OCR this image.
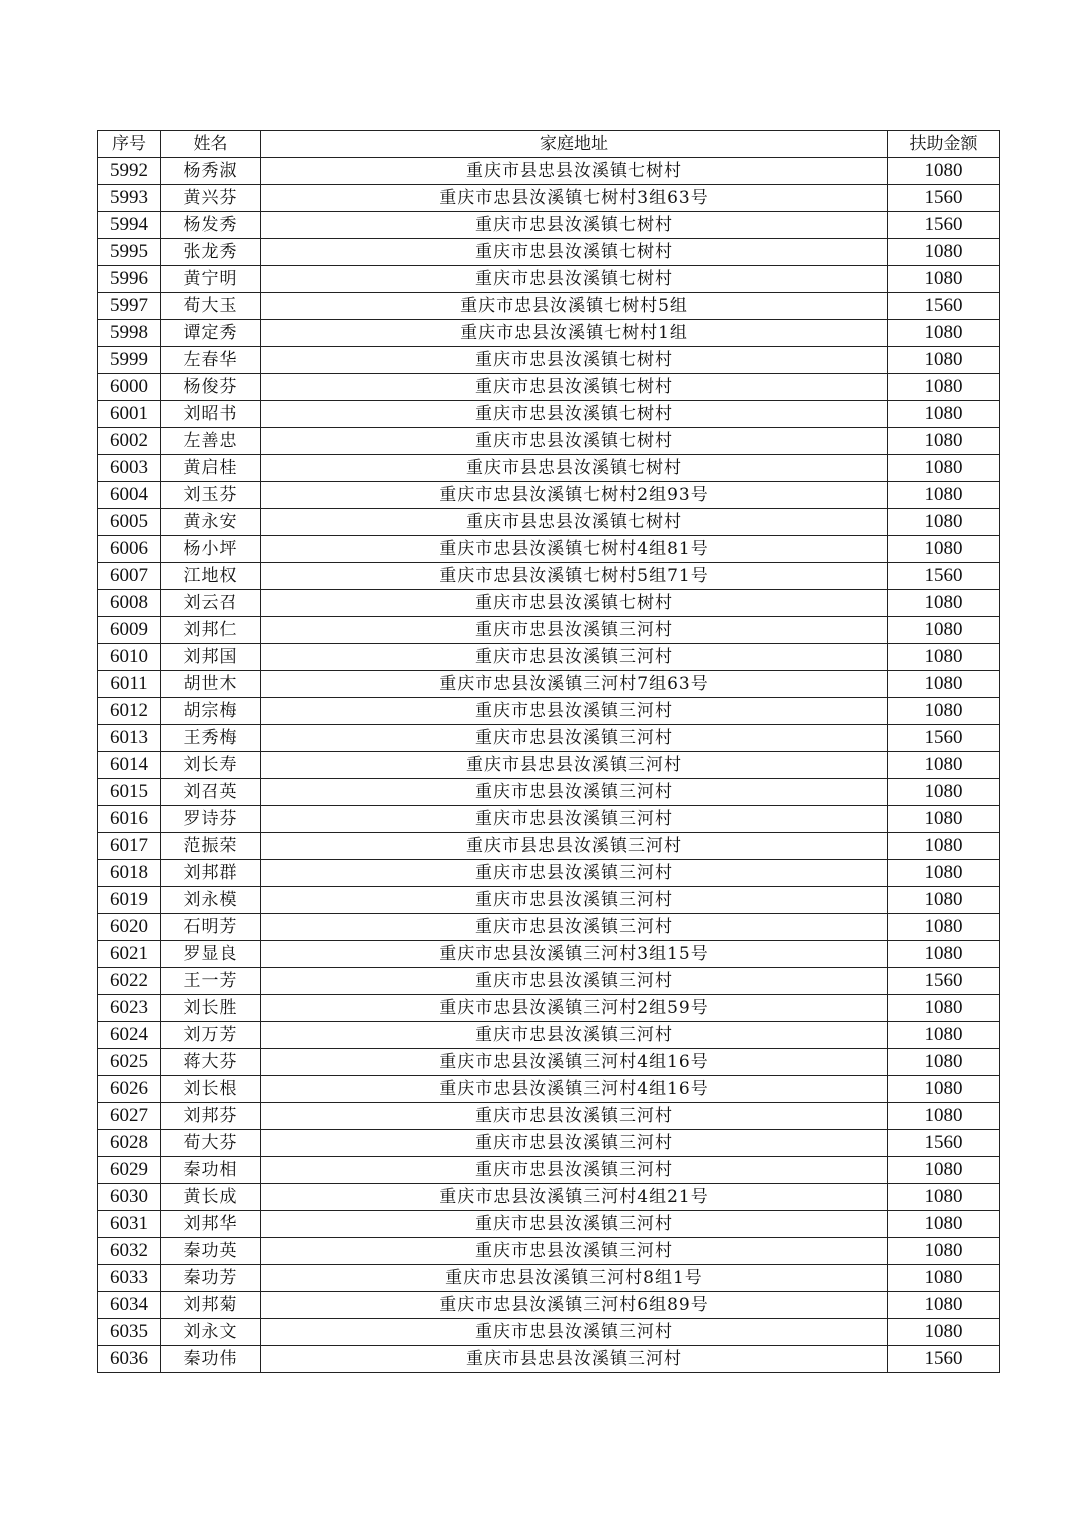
序号	姓名	家庭地址	扶助金额
5992	杨秀淑	重庆市县忠县汝溪镇七树村	1080
5993	黄兴芬	重庆市忠县汝溪镇七树村3组63号	1560
5994	杨发秀	重庆市忠县汝溪镇七树村	1560
5995	张龙秀	重庆市忠县汝溪镇七树村	1080
5996	黄宁明	重庆市忠县汝溪镇七树村	1080
5997	荀大玉	重庆市忠县汝溪镇七树村5组	1560
5998	谭定秀	重庆市忠县汝溪镇七树村1组	1080
5999	左春华	重庆市忠县汝溪镇七树村	1080
6000	杨俊芬	重庆市忠县汝溪镇七树村	1080
6001	刘昭书	重庆市忠县汝溪镇七树村	1080
6002	左善忠	重庆市忠县汝溪镇七树村	1080
6003	黄启桂	重庆市县忠县汝溪镇七树村	1080
6004	刘玉芬	重庆市忠县汝溪镇七树村2组93号	1080
6005	黄永安	重庆市县忠县汝溪镇七树村	1080
6006	杨小坪	重庆市忠县汝溪镇七树村4组81号	1080
6007	江地权	重庆市忠县汝溪镇七树村5组71号	1560
6008	刘云召	重庆市忠县汝溪镇七树村	1080
6009	刘邦仁	重庆市忠县汝溪镇三河村	1080
6010	刘邦国	重庆市忠县汝溪镇三河村	1080
6011	胡世木	重庆市忠县汝溪镇三河村7组63号	1080
6012	胡宗梅	重庆市忠县汝溪镇三河村	1080
6013	王秀梅	重庆市忠县汝溪镇三河村	1560
6014	刘长寿	重庆市县忠县汝溪镇三河村	1080
6015	刘召英	重庆市忠县汝溪镇三河村	1080
6016	罗诗芬	重庆市忠县汝溪镇三河村	1080
6017	范振荣	重庆市县忠县汝溪镇三河村	1080
6018	刘邦群	重庆市忠县汝溪镇三河村	1080
6019	刘永模	重庆市忠县汝溪镇三河村	1080
6020	石明芳	重庆市忠县汝溪镇三河村	1080
6021	罗显良	重庆市忠县汝溪镇三河村3组15号	1080
6022	王一芳	重庆市忠县汝溪镇三河村	1560
6023	刘长胜	重庆市忠县汝溪镇三河村2组59号	1080
6024	刘万芳	重庆市忠县汝溪镇三河村	1080
6025	蒋大芬	重庆市忠县汝溪镇三河村4组16号	1080
6026	刘长根	重庆市忠县汝溪镇三河村4组16号	1080
6027	刘邦芬	重庆市忠县汝溪镇三河村	1080
6028	荀大芬	重庆市忠县汝溪镇三河村	1560
6029	秦功相	重庆市忠县汝溪镇三河村	1080
6030	黄长成	重庆市忠县汝溪镇三河村4组21号	1080
6031	刘邦华	重庆市忠县汝溪镇三河村	1080
6032	秦功英	重庆市忠县汝溪镇三河村	1080
6033	秦功芳	重庆市忠县汝溪镇三河村8组1号	1080
6034	刘邦菊	重庆市忠县汝溪镇三河村6组89号	1080
6035	刘永文	重庆市忠县汝溪镇三河村	1080
6036	秦功伟	重庆市县忠县汝溪镇三河村	1560
